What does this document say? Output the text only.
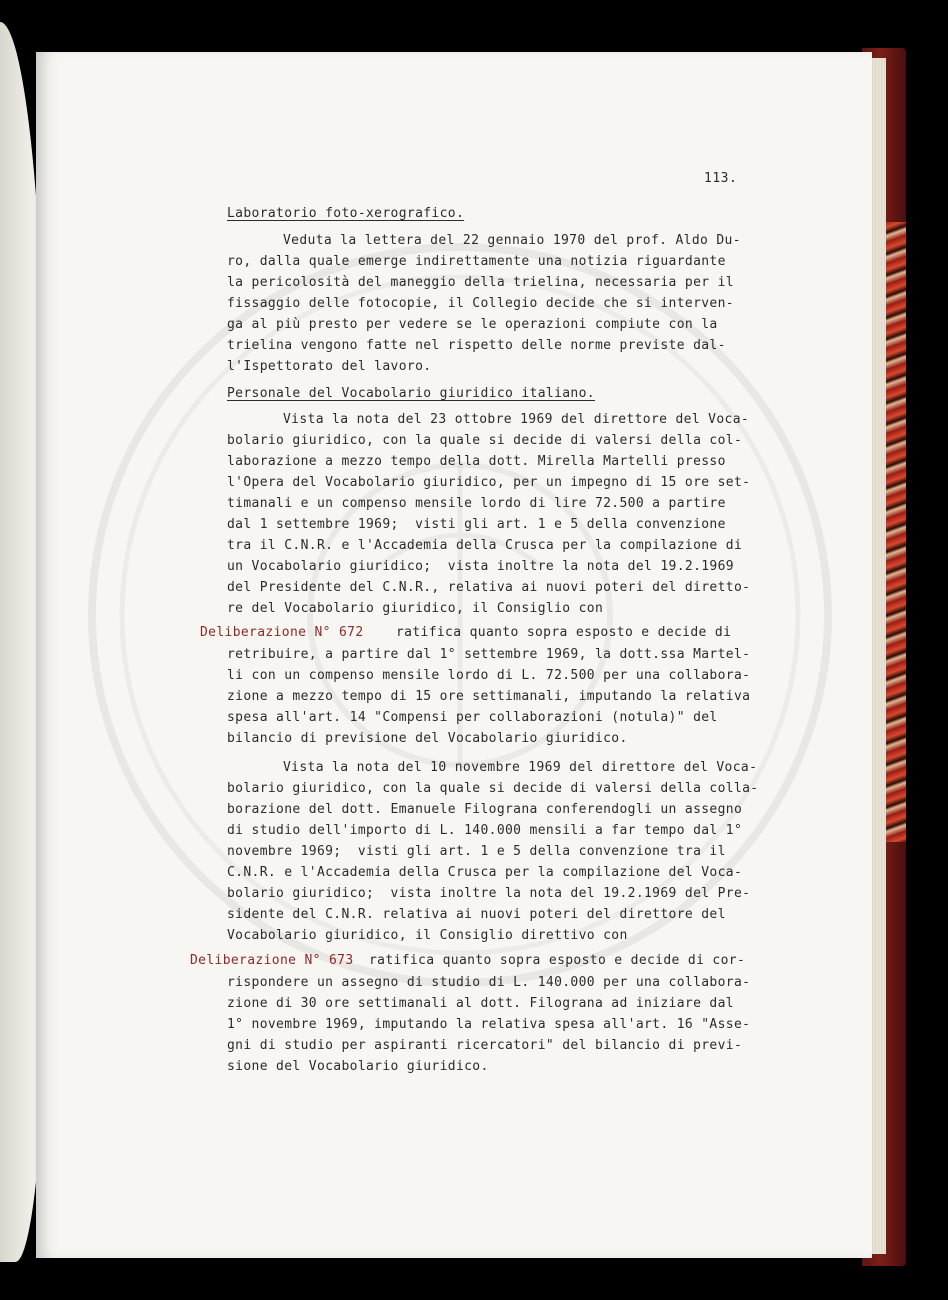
113.
Laboratorio foto-xerografico.
Veduta la lettera del 22 gennaio 1970 del prof. Aldo Du-
ro, dalla quale emerge indirettamente una notizia riguardante
la pericolosità del maneggio della trielina, necessaria per il
fissaggio delle fotocopie, il Collegio decide che si interven-
ga al più presto per vedere se le operazioni compiute con la
trielina vengono fatte nel rispetto delle norme previste dal-
l'Ispettorato del lavoro.
Personale del Vocabolario giuridico italiano.
Vista la nota del 23 ottobre 1969 del direttore del Voca-
bolario giuridico, con la quale si decide di valersi della col-
laborazione a mezzo tempo della dott. Mirella Martelli presso
l'Opera del Vocabolario giuridico, per un impegno di 15 ore set-
timanali e un compenso mensile lordo di lire 72.500 a partire
dal 1 settembre 1969;  visti gli art. 1 e 5 della convenzione
tra il C.N.R. e l'Accademia della Crusca per la compilazione di
un Vocabolario giuridico;  vista inoltre la nota del 19.2.1969
del Presidente del C.N.R., relativa ai nuovi poteri del diretto-
re del Vocabolario giuridico, il Consiglio con
Deliberazione N° 672 ratifica quanto sopra esposto e decide di
retribuire, a partire dal 1° settembre 1969, la dott.ssa Martel-
li con un compenso mensile lordo di L. 72.500 per una collabora-
zione a mezzo tempo di 15 ore settimanali, imputando la relativa
spesa all'art. 14 "Compensi per collaborazioni (notula)" del
bilancio di previsione del Vocabolario giuridico.
Vista la nota del 10 novembre 1969 del direttore del Voca-
bolario giuridico, con la quale si decide di valersi della colla-
borazione del dott. Emanuele Filograna conferendogli un assegno
di studio dell'importo di L. 140.000 mensili a far tempo dal 1°
novembre 1969;  visti gli art. 1 e 5 della convenzione tra il
C.N.R. e l'Accademia della Crusca per la compilazione del Voca-
bolario giuridico;  vista inoltre la nota del 19.2.1969 del Pre-
sidente del C.N.R. relativa ai nuovi poteri del direttore del
Vocabolario giuridico, il Consiglio direttivo con
Deliberazione N° 673 ratifica quanto sopra esposto e decide di cor-
rispondere un assegno di studio di L. 140.000 per una collabora-
zione di 30 ore settimanali al dott. Filograna ad iniziare dal
1° novembre 1969, imputando la relativa spesa all'art. 16 "Asse-
gni di studio per aspiranti ricercatori" del bilancio di previ-
sione del Vocabolario giuridico.
